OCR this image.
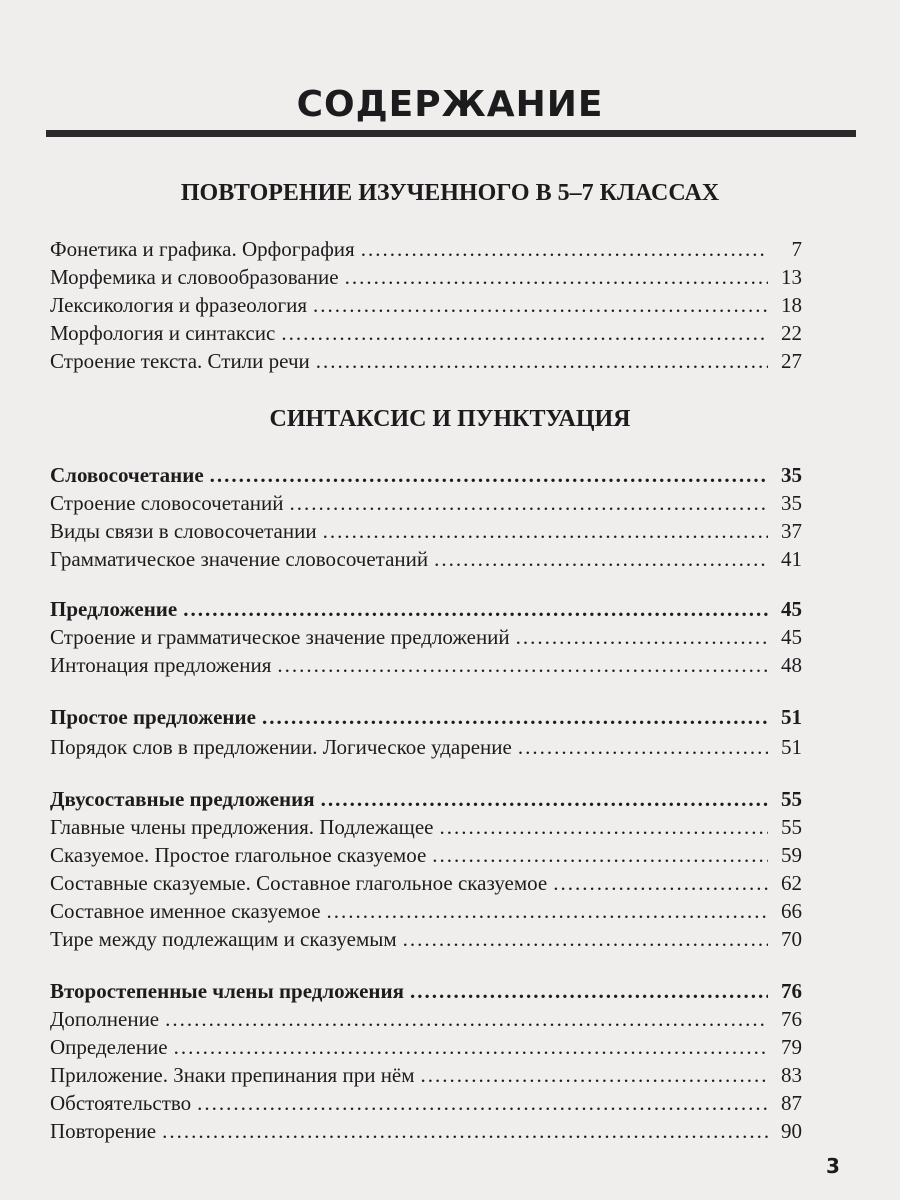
СОДЕРЖАНИЕ
ПОВТОРЕНИЕ ИЗУЧЕННОГО В 5–7 КЛАССАХ
Фонетика и графика. Орфография .....	7
Морфемика и словообразование .....	13
Лексикология и фразеология .....	18
Морфология и синтаксис .....	22
Строение текста. Стили речи .....	27
СИНТАКСИС И ПУНКТУАЦИЯ
Словосочетание .....	35
Строение словосочетаний .....	35
Виды связи в словосочетании .....	37
Грамматическое значение словосочетаний .....	41
Предложение .....	45
Строение и грамматическое значение предложений .....	45
Интонация предложения .....	48
Простое предложение .....	51
Порядок слов в предложении. Логическое ударение .....	51
Двусоставные предложения .....	55
Главные члены предложения. Подлежащее .....	55
Сказуемое. Простое глагольное сказуемое .....	59
Составные сказуемые. Составное глагольное сказуемое .....	62
Составное именное сказуемое .....	66
Тире между подлежащим и сказуемым .....	70
Второстепенные члены предложения .....	76
Дополнение .....	76
Определение .....	79
Приложение. Знаки препинания при нём .....	83
Обстоятельство .....	87
Повторение .....	90
3
